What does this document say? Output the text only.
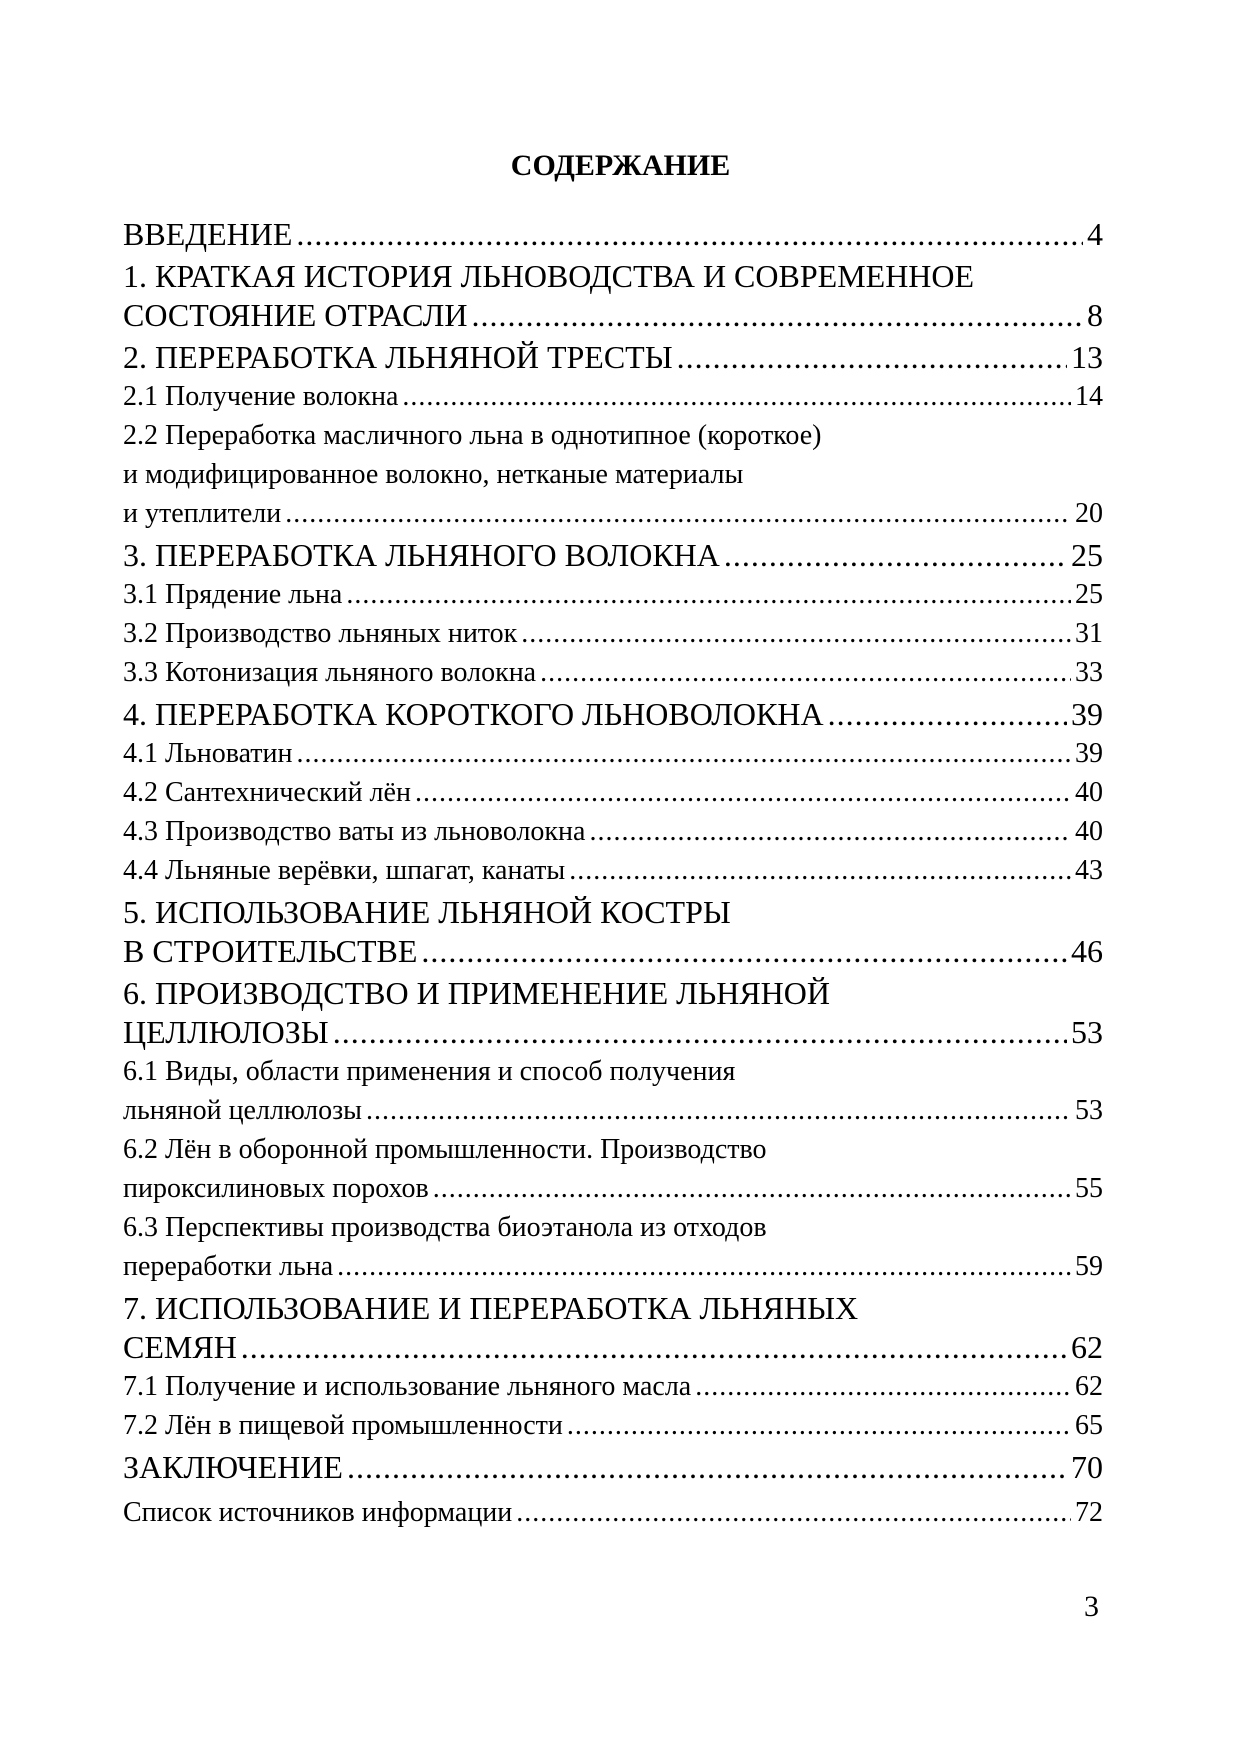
СОДЕРЖАНИЕ
ВВЕДЕНИЕ .....	4
1. КРАТКАЯ ИСТОРИЯ ЛЬНОВОДСТВА И СОВРЕМЕННОЕ
СОСТОЯНИЕ ОТРАСЛИ .....	8
2. ПЕРЕРАБОТКА ЛЬНЯНОЙ ТРЕСТЫ .....	13
2.1 Получение волокна .....	14
2.2 Переработка масличного льна в однотипное (короткое)
и модифицированное волокно, нетканые материалы
и утеплители .....	20
3. ПЕРЕРАБОТКА ЛЬНЯНОГО ВОЛОКНА .....	25
3.1 Прядение льна .....	25
3.2 Производство льняных ниток .....	31
3.3 Котонизация льняного волокна .....	33
4. ПЕРЕРАБОТКА КОРОТКОГО ЛЬНОВОЛОКНА .....	39
4.1 Льноватин .....	39
4.2 Сантехнический лён .....	40
4.3 Производство ваты из льноволокна .....	40
4.4 Льняные верёвки, шпагат, канаты .....	43
5. ИСПОЛЬЗОВАНИЕ ЛЬНЯНОЙ КОСТРЫ
В СТРОИТЕЛЬСТВЕ .....	46
6. ПРОИЗВОДСТВО И ПРИМЕНЕНИЕ ЛЬНЯНОЙ
ЦЕЛЛЮЛОЗЫ .....	53
6.1 Виды, области применения и способ получения
льняной целлюлозы .....	53
6.2 Лён в оборонной промышленности. Производство
пироксилиновых порохов .....	55
6.3 Перспективы производства биоэтанола из отходов
переработки льна .....	59
7. ИСПОЛЬЗОВАНИЕ И ПЕРЕРАБОТКА ЛЬНЯНЫХ
СЕМЯН .....	62
7.1 Получение и использование льняного масла .....	62
7.2 Лён в пищевой промышленности .....	65
ЗАКЛЮЧЕНИЕ .....	70
Список источников информации .....	72
3
